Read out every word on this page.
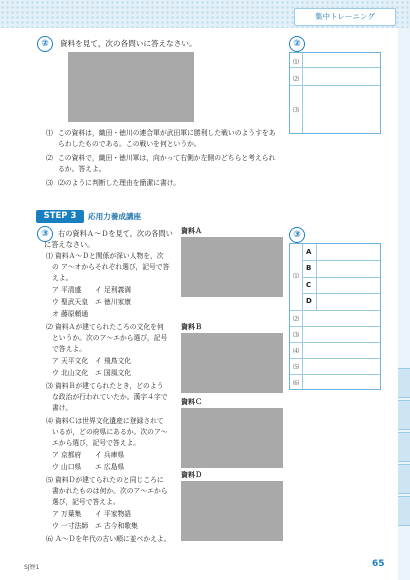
集中トレーニング
②	資料を見て，次の各問いに答えなさい。
⑴ この資料は，織田・徳川の連合軍が武田軍に勝利した戦いのようすをあ
らわしたものである。この戦いを何というか。
⑵ この資料で，織田・徳川軍は，向かって右側か左側のどちらと考えられ
るか。答えよ。
⑶ ⑵のように判断した理由を簡潔に書け。
②
⑴
⑵
⑶
STEP 3	応用力養成講座
③	右の資料Ａ～Ｄを見て，次の各問い
に答えなさい。
⑴ 資料Ａ～Ｄと関係が深い人物を，次
の ア～オからそれぞれ選び，記号で答
えよ。
ア 平清盛　　イ 足利義満
ウ 聖武天皇　エ 徳川家康
オ 藤原頼通
⑵ 資料Ａが建てられたころの文化を何
というか。次のア～エから選び，記号
で答えよ。
ア 天平文化　イ 飛鳥文化
ウ 北山文化　エ 国風文化
⑶ 資料Ｂが建てられたとき，どのよう
な政治が行われていたか。漢字４字で
書け。
⑷ 資料Ｃは世界文化遺産に登録されて
いるが，どの府県にあるか。次のア～
エから選び，記号で答えよ。
ア 京都府　　イ 兵庫県
ウ 山口県　　エ 広島県
⑸ 資料Ｄが建てられたのと同じころに
書かれたものは何か。次のア～エから
選び，記号で答えよ。
ア 万葉集　　イ 平家物語
ウ 一寸法師　エ 古今和歌集
⑹ Ａ～Ｄを年代の古い順に並べかえよ。
資料Ａ
資料Ｂ
資料Ｃ
資料Ｄ
③
⑴
A
B
C
D
⑵
⑶
⑷
⑸
⑹
SJ歴1	65
